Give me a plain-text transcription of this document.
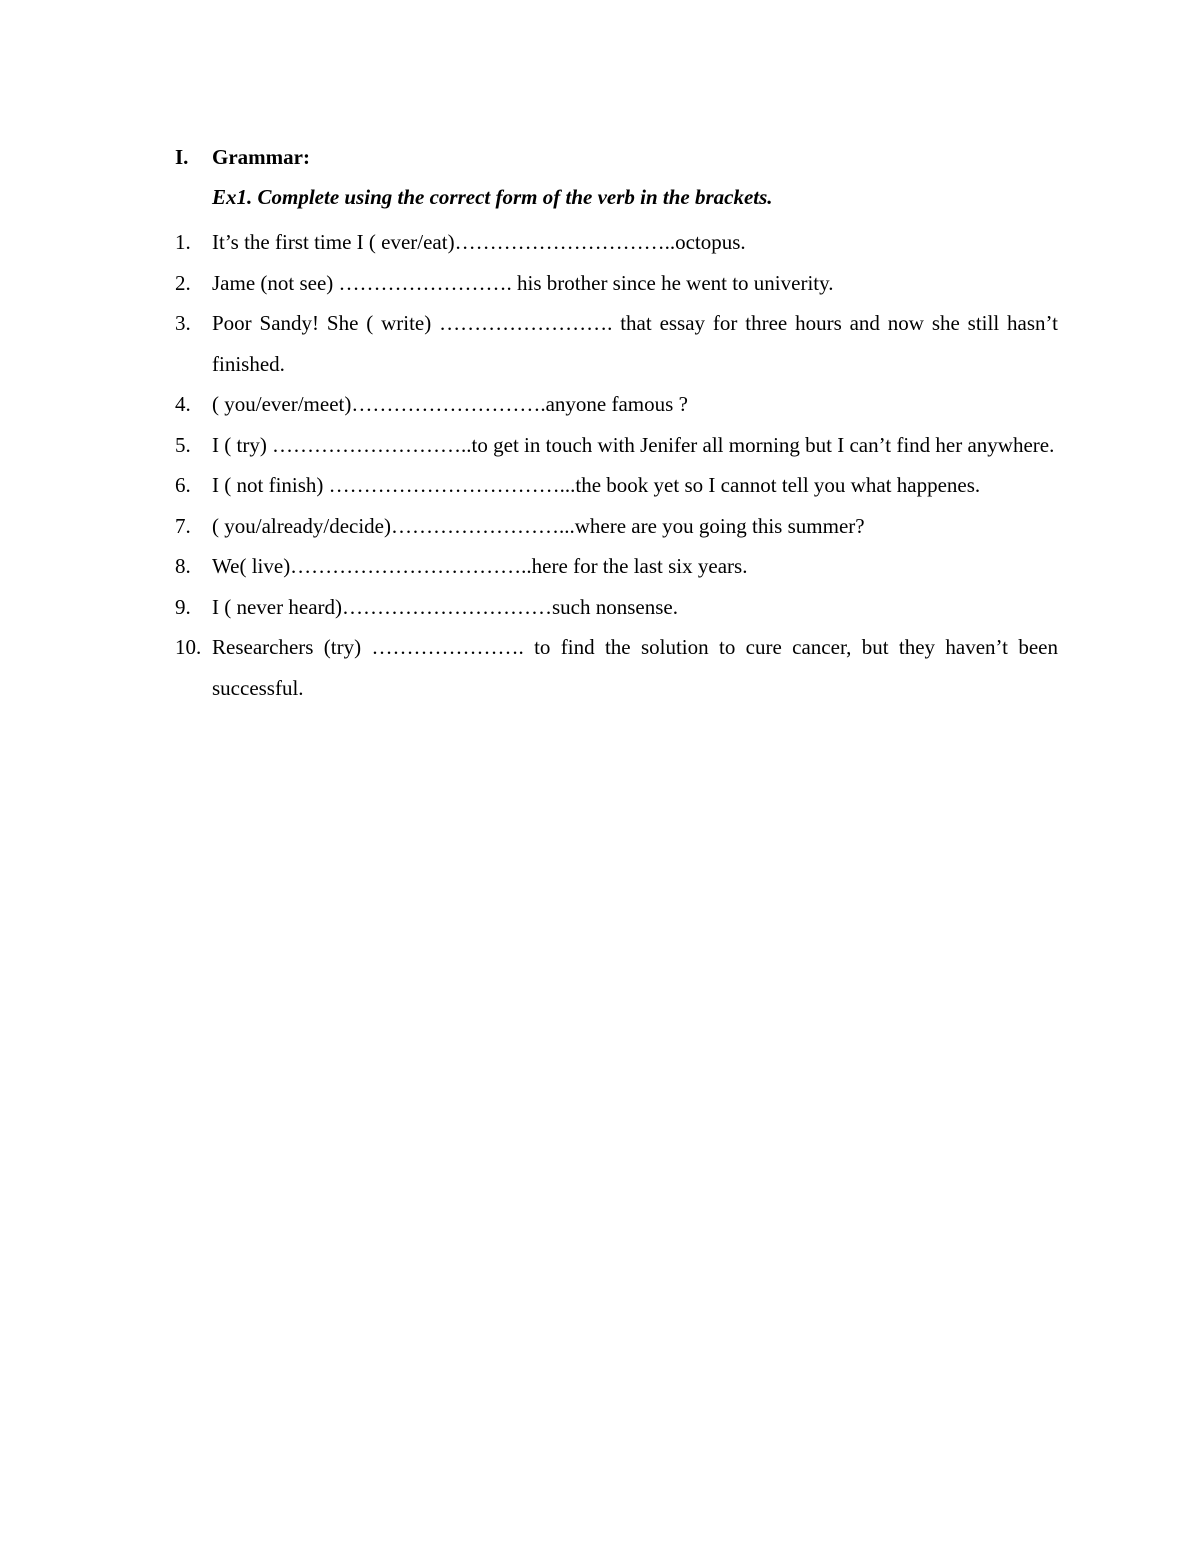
I. Grammar:
Ex1. Complete using the correct form of the verb in the brackets.
1.	It’s the first time I ( ever/eat)…………………………..octopus.
2.	Jame (not see) ……………………. his brother since he went to univerity.
3.	Poor Sandy! She ( write) ……………………. that essay for three hours and now she still hasn’t finished.
4.	( you/ever/meet)……………………….anyone famous ?
5.	I ( try) ………………………..to get in touch with Jenifer all morning but I can’t find her anywhere.
6.	I ( not finish) ……………………………...the book yet so I cannot tell you what happenes.
7.	( you/already/decide)……………………...where are you going this summer?
8.	We( live)……………………………..here for the last six years.
9.	I ( never heard)…………………………such nonsense.
10. Researchers (try) …………………. to find the solution to cure cancer, but they haven’t been successful.
